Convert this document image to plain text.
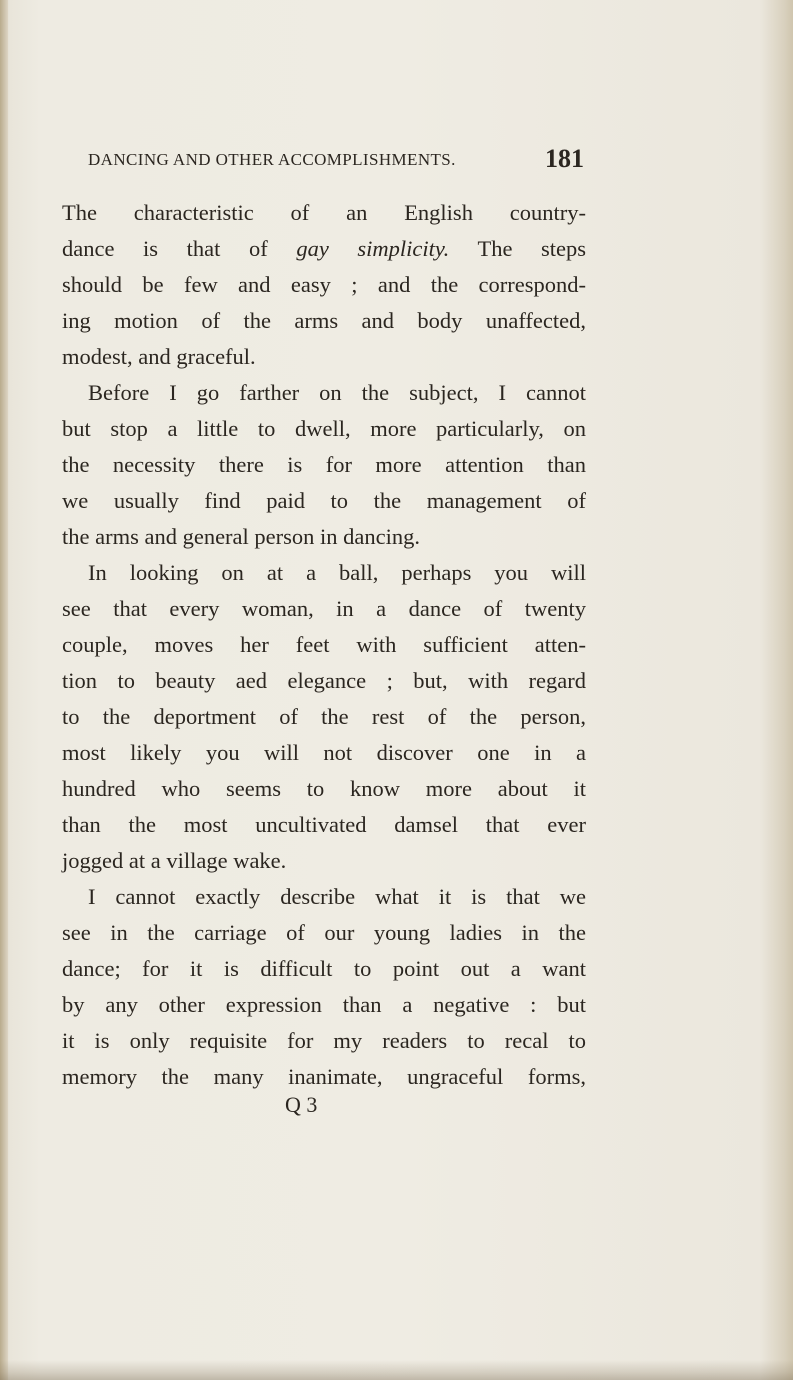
DANCING AND OTHER ACCOMPLISHMENTS.	181
The characteristic of an English country-
dance is that of gay simplicity. The steps
should be few and easy ; and the correspond-
ing motion of the arms and body unaffected,
modest, and graceful.
Before I go farther on the subject, I cannot
but stop a little to dwell, more particularly, on
the necessity there is for more attention than
we usually find paid to the management of
the arms and general person in dancing.
In looking on at a ball, perhaps you will
see that every woman, in a dance of twenty
couple, moves her feet with sufficient atten-
tion to beauty aed elegance ; but, with regard
to the deportment of the rest of the person,
most likely you will not discover one in a
hundred who seems to know more about it
than the most uncultivated damsel that ever
jogged at a village wake.
I cannot exactly describe what it is that we
see in the carriage of our young ladies in the
dance; for it is difficult to point out a want
by any other expression than a negative : but
it is only requisite for my readers to recal to
memory the many inanimate, ungraceful forms,
Q 3
